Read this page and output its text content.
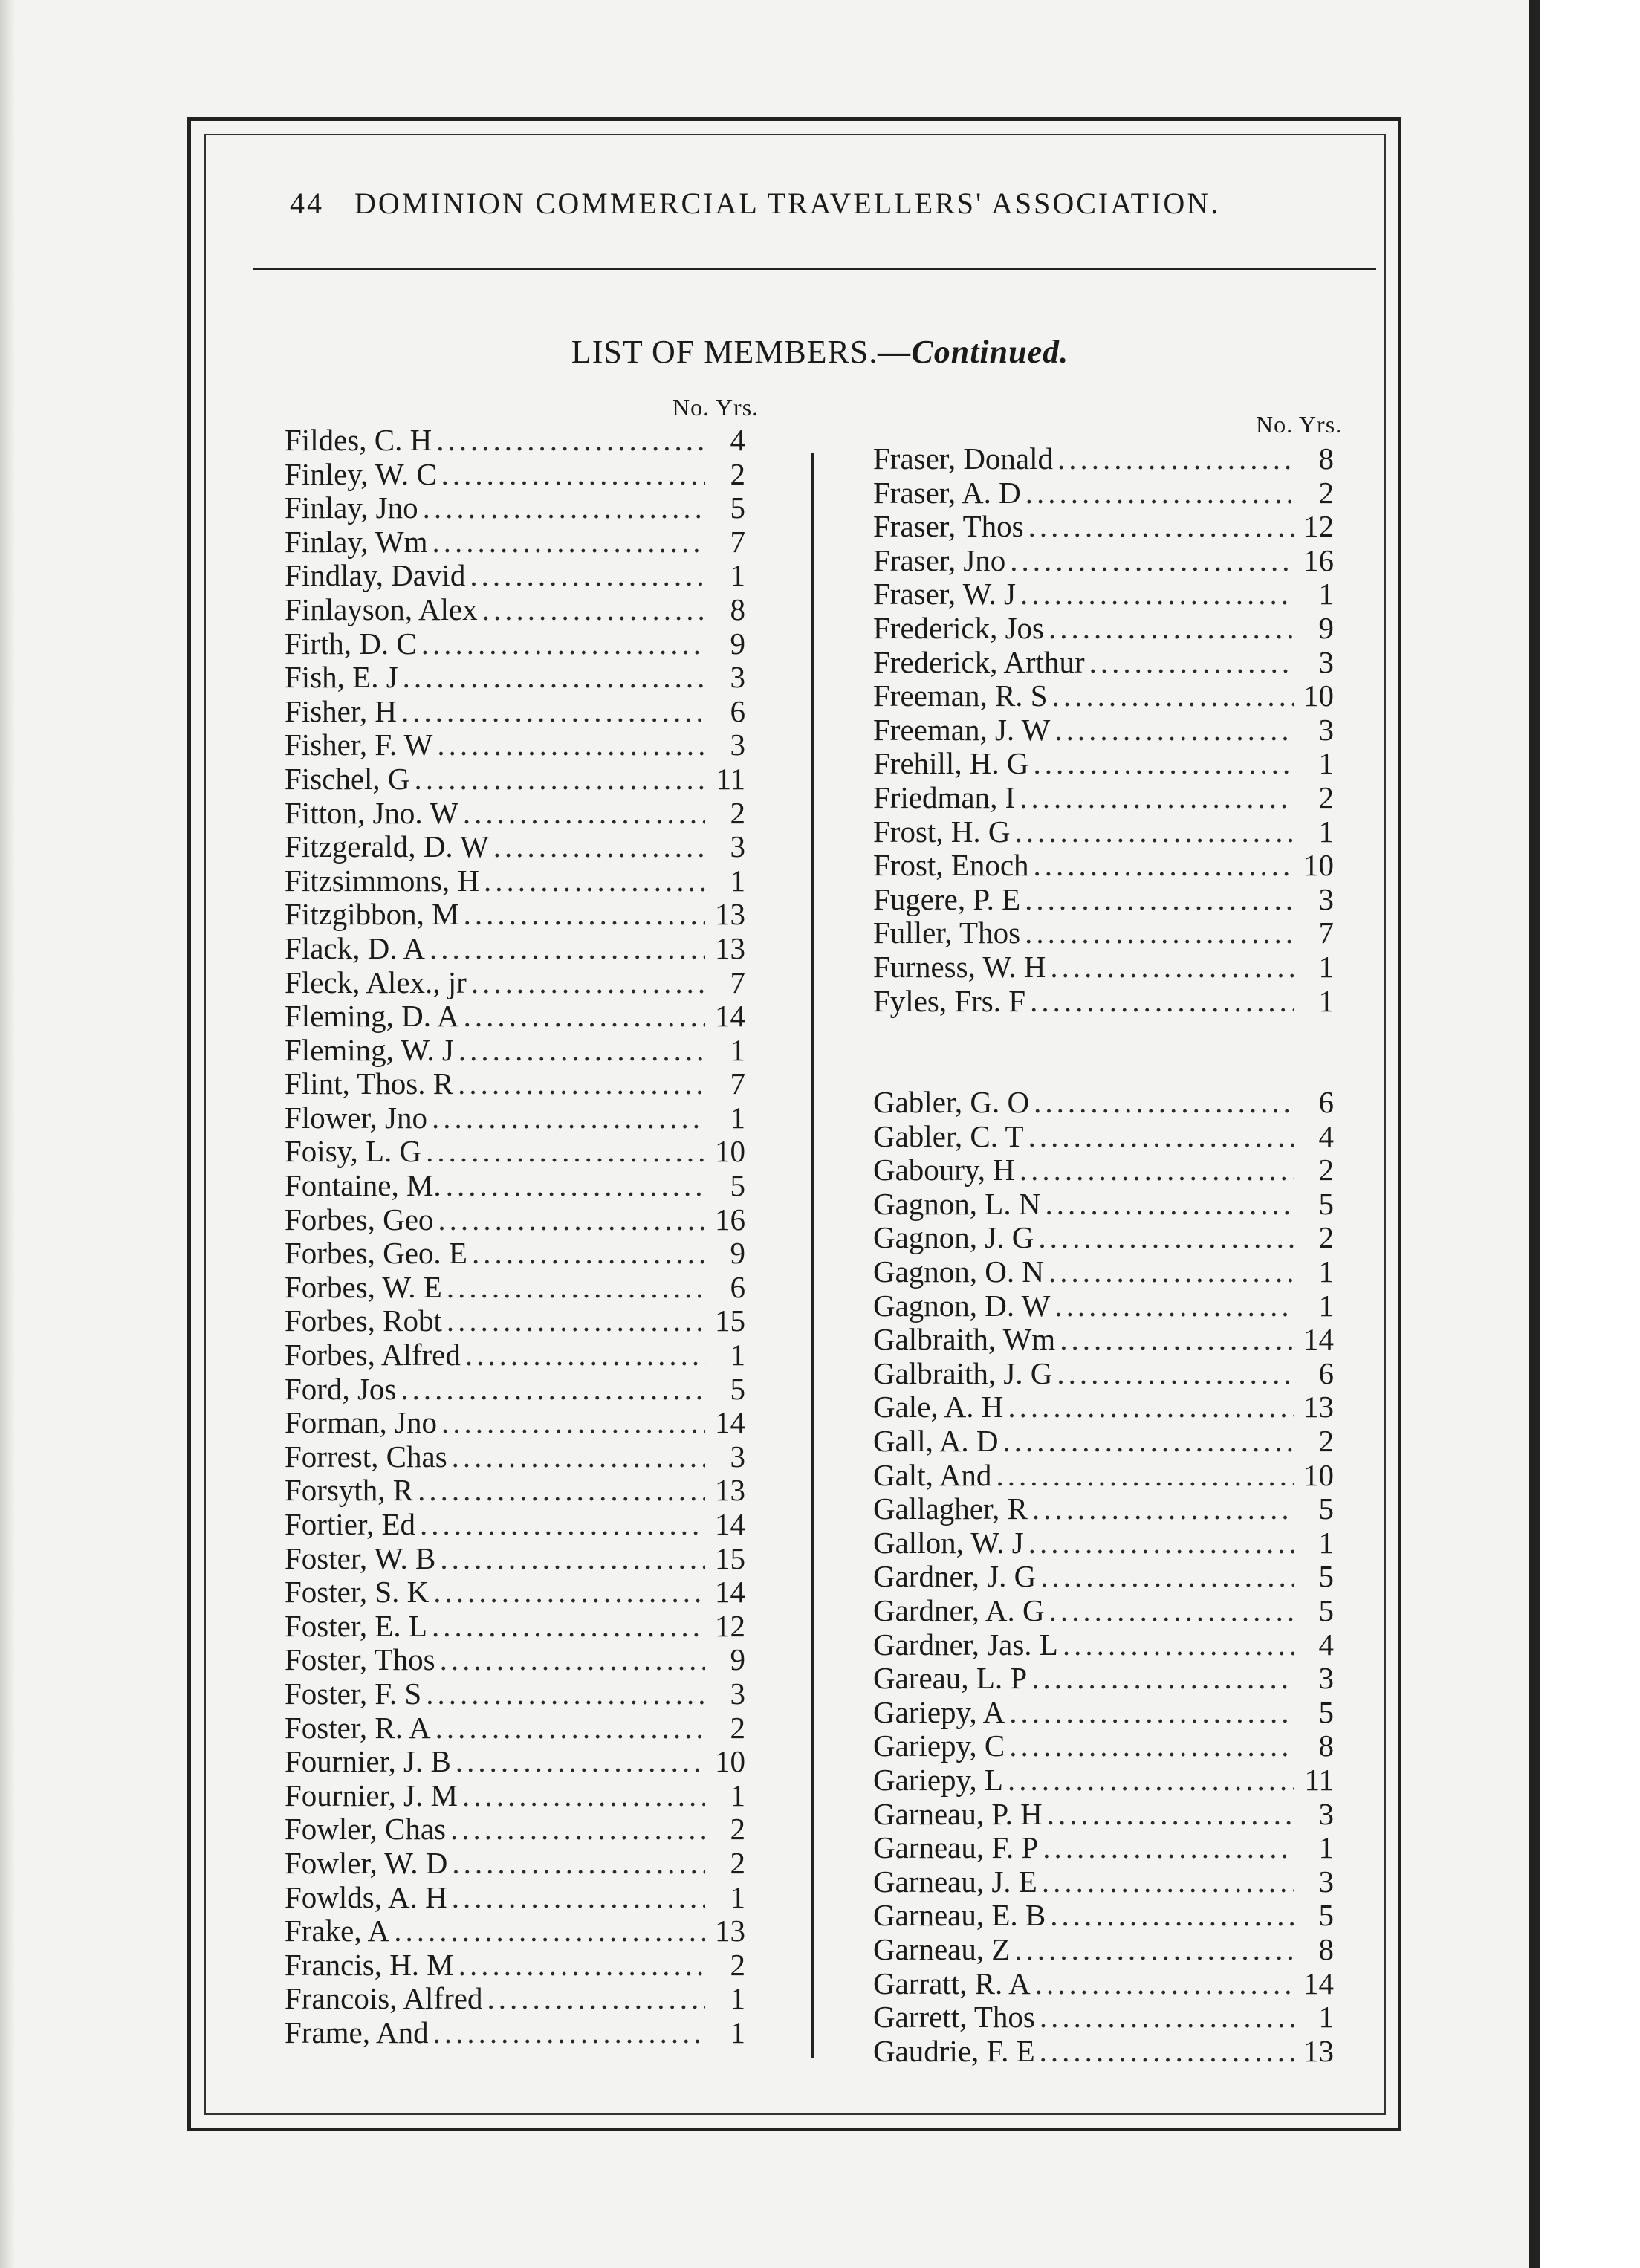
44 DOMINION COMMERCIAL TRAVELLERS' ASSOCIATION.
LIST OF MEMBERS.—Continued.
No. Yrs.
No. Yrs.
Fildes, C. H .....	4
Finley, W. C .....	2
Finlay, Jno .....	5
Finlay, Wm .....	7
Findlay, David .....	1
Finlayson, Alex .....	8
Firth, D. C .....	9
Fish, E. J .....	3
Fisher, H .....	6
Fisher, F. W .....	3
Fischel, G .....	11
Fitton, Jno. W .....	2
Fitzgerald, D. W .....	3
Fitzsimmons, H .....	1
Fitzgibbon, M .....	13
Flack, D. A .....	13
Fleck, Alex., jr .....	7
Fleming, D. A .....	14
Fleming, W. J .....	1
Flint, Thos. R .....	7
Flower, Jno .....	1
Foisy, L. G .....	10
Fontaine, M. .....	5
Forbes, Geo .....	16
Forbes, Geo. E .....	9
Forbes, W. E .....	6
Forbes, Robt .....	15
Forbes, Alfred .....	1
Ford, Jos .....	5
Forman, Jno .....	14
Forrest, Chas .....	3
Forsyth, R .....	13
Fortier, Ed .....	14
Foster, W. B .....	15
Foster, S. K .....	14
Foster, E. L .....	12
Foster, Thos .....	9
Foster, F. S .....	3
Foster, R. A .....	2
Fournier, J. B .....	10
Fournier, J. M .....	1
Fowler, Chas .....	2
Fowler, W. D .....	2
Fowlds, A. H .....	1
Frake, A .....	13
Francis, H. M .....	2
Francois, Alfred .....	1
Frame, And .....	1
Fraser, Donald .....	8
Fraser, A. D .....	2
Fraser, Thos .....	12
Fraser, Jno .....	16
Fraser, W. J .....	1
Frederick, Jos .....	9
Frederick, Arthur .....	3
Freeman, R. S .....	10
Freeman, J. W .....	3
Frehill, H. G .....	1
Friedman, I .....	2
Frost, H. G .....	1
Frost, Enoch .....	10
Fugere, P. E .....	3
Fuller, Thos .....	7
Furness, W. H .....	1
Fyles, Frs. F .....	1
Gabler, G. O .....	6
Gabler, C. T .....	4
Gaboury, H .....	2
Gagnon, L. N .....	5
Gagnon, J. G .....	2
Gagnon, O. N .....	1
Gagnon, D. W .....	1
Galbraith, Wm .....	14
Galbraith, J. G .....	6
Gale, A. H .....	13
Gall, A. D .....	2
Galt, And .....	10
Gallagher, R .....	5
Gallon, W. J .....	1
Gardner, J. G .....	5
Gardner, A. G .....	5
Gardner, Jas. L .....	4
Gareau, L. P .....	3
Gariepy, A .....	5
Gariepy, C .....	8
Gariepy, L .....	11
Garneau, P. H .....	3
Garneau, F. P .....	1
Garneau, J. E .....	3
Garneau, E. B .....	5
Garneau, Z .....	8
Garratt, R. A .....	14
Garrett, Thos .....	1
Gaudrie, F. E .....	13
